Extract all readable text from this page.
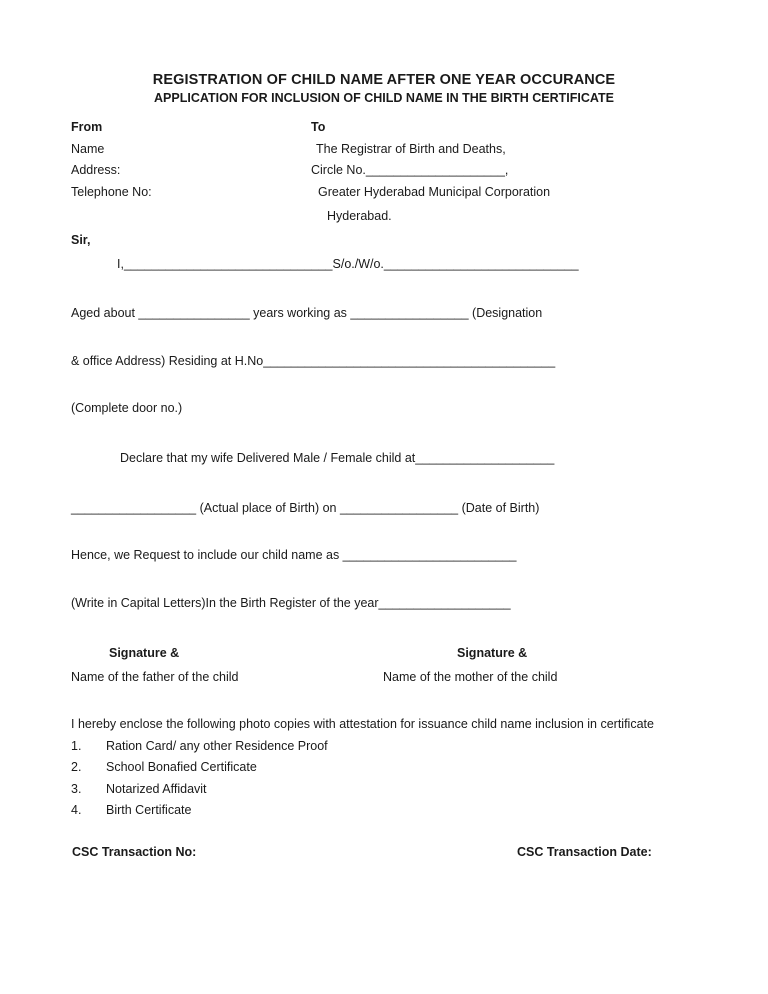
REGISTRATION OF CHILD NAME AFTER ONE YEAR OCCURANCE
APPLICATION FOR INCLUSION OF CHILD NAME IN THE BIRTH CERTIFICATE
From	To
Name	The Registrar of Birth and Deaths,
Address:	Circle No.____________________,
Telephone No:	Greater Hyderabad Municipal Corporation
Hyderabad.
Sir,
I,______________________________S/o./W/o.____________________________
Aged about ________________ years working as _________________ (Designation
& office Address) Residing at H.No__________________________________________
(Complete door no.)
Declare that my wife Delivered Male / Female child at____________________
__________________ (Actual place of Birth) on _________________ (Date of Birth)
Hence, we Request to include our child name as _________________________
(Write in Capital Letters)In the Birth Register of the year___________________
Signature &	Signature &
Name of the father of the child	Name of the mother of the child
I hereby enclose the following photo copies with attestation for issuance child name inclusion in certificate
1. Ration Card/ any other Residence Proof
2. School Bonafied Certificate
3. Notarized Affidavit
4. Birth Certificate
CSC Transaction No:	CSC Transaction Date:
